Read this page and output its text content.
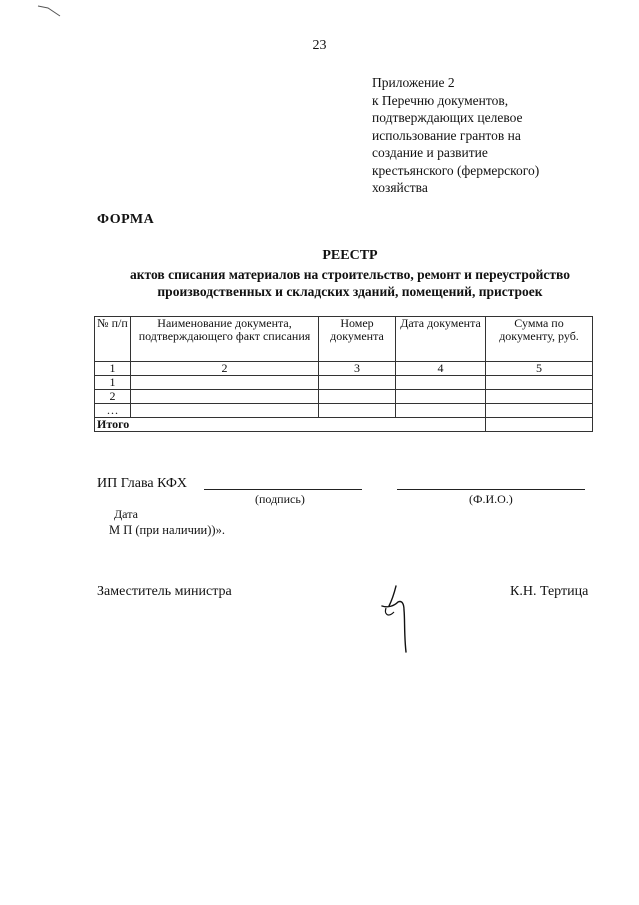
23
Приложение 2
к Перечню документов,
подтверждающих целевое
использование грантов на
создание и развитие
крестьянского (фермерского)
хозяйства
ФОРМА
РЕЕСТР
актов списания материалов на строительство, ремонт и переустройство
производственных и складских зданий, помещений, пристроек
№ п/п	Наименование документа, подтверждающего факт списания	Номер документа	Дата документа	Сумма по документу, руб.
1	2	3	4	5
1				
2				
…				
Итого				
ИП Глава КФХ
(подпись)	(Ф.И.О.)
Дата
М П (при наличии))».
Заместитель министра	К.Н. Тертица
